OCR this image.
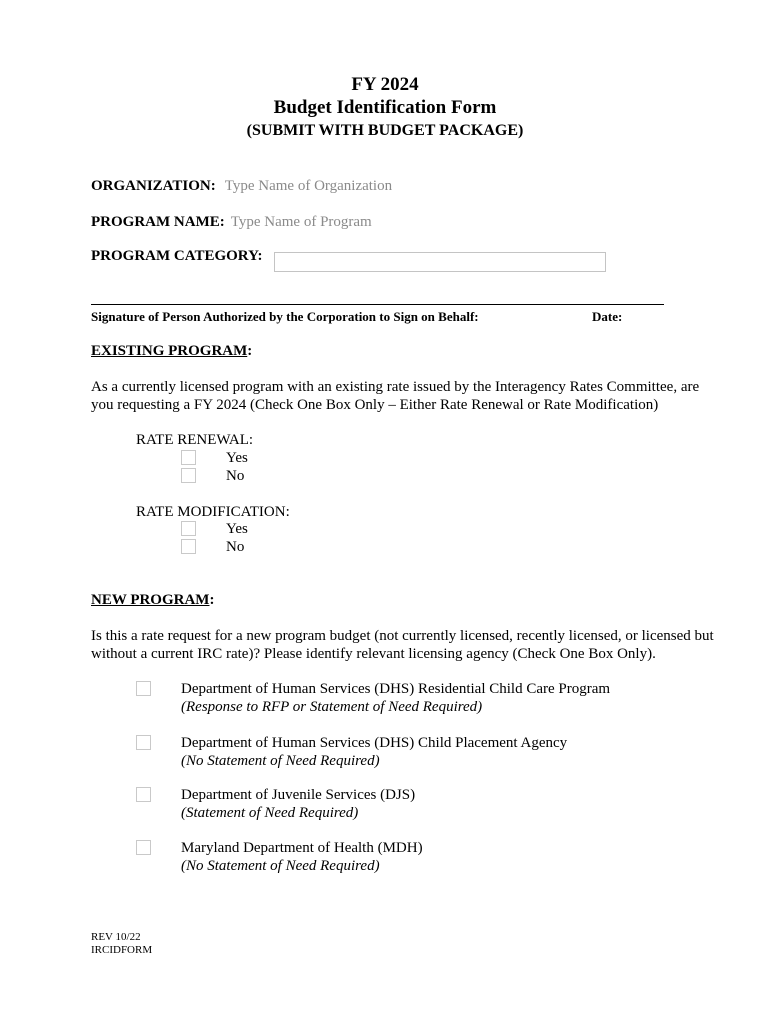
FY 2024
Budget Identification Form
(SUBMIT WITH BUDGET PACKAGE)
ORGANIZATION: Type Name of Organization
PROGRAM NAME: Type Name of Program
PROGRAM CATEGORY:
Signature of Person Authorized by the Corporation to Sign on Behalf:	Date:
EXISTING PROGRAM:
As a currently licensed program with an existing rate issued by the Interagency Rates Committee, are
you requesting a FY 2024 (Check One Box Only – Either Rate Renewal or Rate Modification)
RATE RENEWAL:
Yes
No
RATE MODIFICATION:
Yes
No
NEW PROGRAM:
Is this a rate request for a new program budget (not currently licensed, recently licensed, or licensed but
without a current IRC rate)? Please identify relevant licensing agency (Check One Box Only).
Department of Human Services (DHS) Residential Child Care Program
(Response to RFP or Statement of Need Required)
Department of Human Services (DHS) Child Placement Agency
(No Statement of Need Required)
Department of Juvenile Services (DJS)
(Statement of Need Required)
Maryland Department of Health (MDH)
(No Statement of Need Required)
REV 10/22
IRCIDFORM
